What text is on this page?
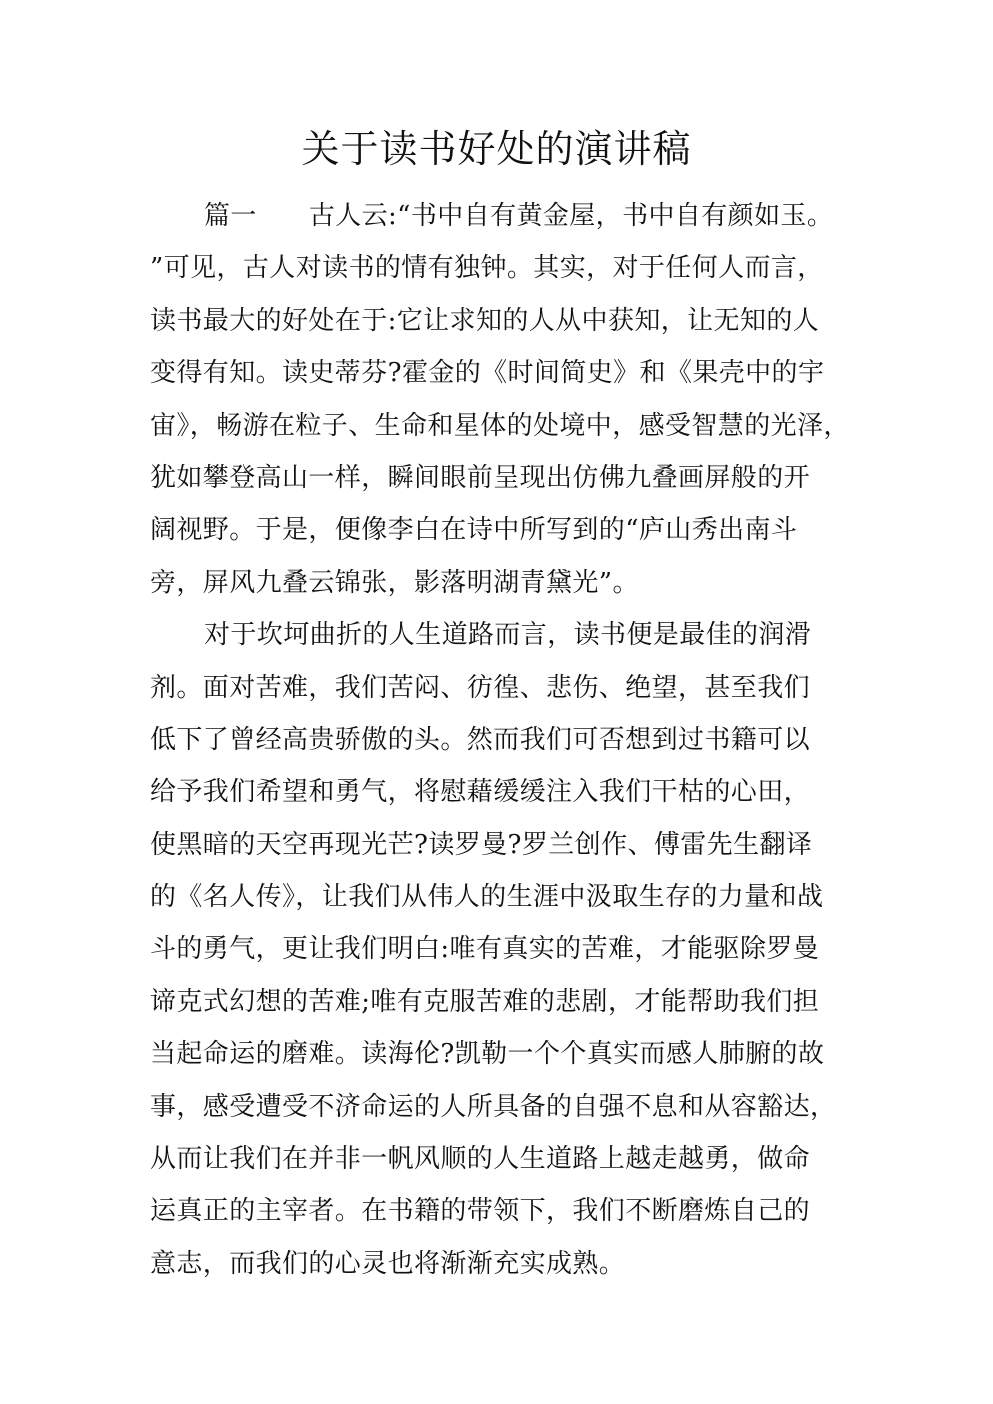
关于读书好处的演讲稿
篇一 古人云:“书中自有黄金屋，书中自有颜如玉。
”可见，古人对读书的情有独钟。其实，对于任何人而言，
读书最大的好处在于:它让求知的人从中获知，让无知的人
变得有知。读史蒂芬?霍金的《时间简史》和《果壳中的宇
宙》，畅游在粒子、生命和星体的处境中，感受智慧的光泽，
犹如攀登高山一样，瞬间眼前呈现出仿佛九叠画屏般的开
阔视野。于是，便像李白在诗中所写到的“庐山秀出南斗
旁，屏风九叠云锦张，影落明湖青黛光”。
对于坎坷曲折的人生道路而言，读书便是最佳的润滑
剂。面对苦难，我们苦闷、彷徨、悲伤、绝望，甚至我们
低下了曾经高贵骄傲的头。然而我们可否想到过书籍可以
给予我们希望和勇气，将慰藉缓缓注入我们干枯的心田，
使黑暗的天空再现光芒?读罗曼?罗兰创作、傅雷先生翻译
的《名人传》，让我们从伟人的生涯中汲取生存的力量和战
斗的勇气，更让我们明白:唯有真实的苦难，才能驱除罗曼
谛克式幻想的苦难;唯有克服苦难的悲剧，才能帮助我们担
当起命运的磨难。读海伦?凯勒一个个真实而感人肺腑的故
事，感受遭受不济命运的人所具备的自强不息和从容豁达，
从而让我们在并非一帆风顺的人生道路上越走越勇，做命
运真正的主宰者。在书籍的带领下，我们不断磨炼自己的
意志，而我们的心灵也将渐渐充实成熟。
